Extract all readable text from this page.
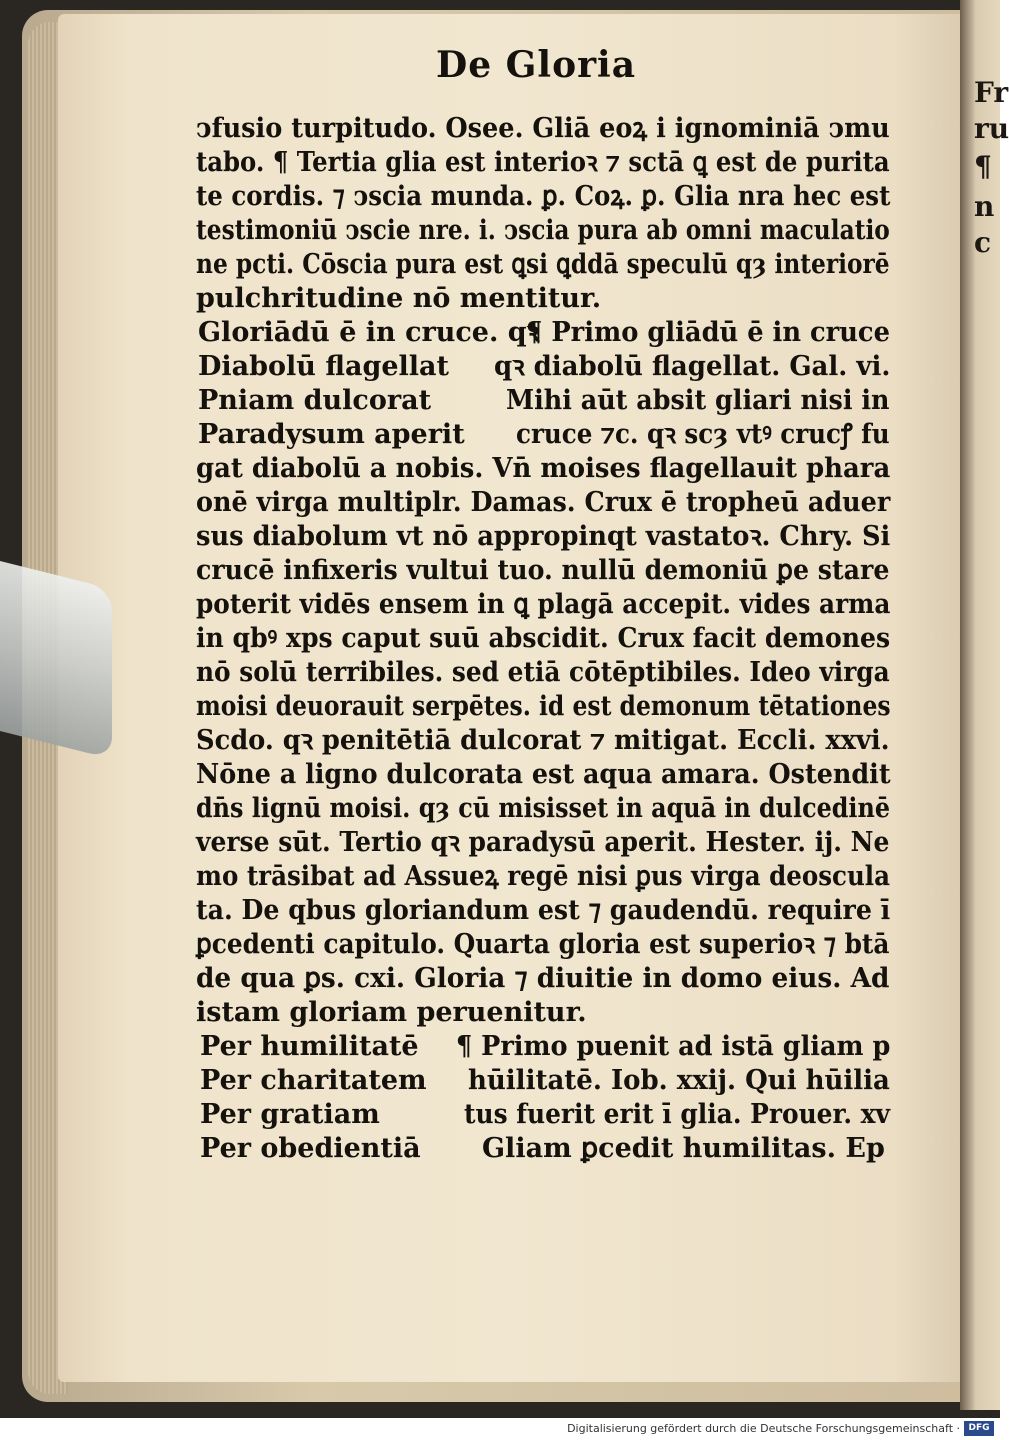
Fr
ru
¶
n
c
De Gloria
ↄfusio turpitudo. Osee. Gliā eoꝝ i ignominiā ↄmu
tabo. ¶ Tertia glia est interioꝛ ⁊ sctā ꝗ est de purita
te cordis. ⁊ ↄscia munda. ꝑ. Coꝝ. ꝑ. Glia nra hec est
testimoniū ↄscie nre. i. ↄscia pura ab omni maculatio
ne pcti. Cōscia pura est ꝗsi ꝗddā speculū qȝ interiorē
pulchritudine nō mentitur.
Gloriādū ē in cruce. qꝛ
Diabolū flagellat
Pniam dulcorat
Paradysum aperit
¶ Primo gliādū ē in cruce
qꝛ diabolū flagellat. Gal. vi.
Mihi aūt absit gliari nisi in
cruce ⁊c. qꝛ scȝ vtꝰ crucꝭ fu
gat diabolū a nobis. Vn̄ moises flagellauit phara
onē virga multiplr. Damas. Crux ē tropheū aduer
sus diabolum vt nō appropinqt vastatoꝛ. Chry. Si
crucē infixeris vultui tuo. nullū demoniū ꝑe stare
poterit vidēs ensem in ꝗ plagā accepit. vides arma
in qbꝰ xps caput suū abscidit. Crux facit demones
nō solū terribiles. sed etiā cōtēptibiles. Ideo virga
moisi deuorauit serpētes. id est demonum tētationes
Scdo. qꝛ penitētiā dulcorat ⁊ mitigat. Eccli. xxvi.
Nōne a ligno dulcorata est aqua amara. Ostendit
dn̄s lignū moisi. qȝ cū misisset in aquā in dulcedinē
verse sūt. Tertio qꝛ paradysū aperit. Hester. ij. Ne
mo trāsibat ad Assueꝝ regē nisi ꝑus virga deoscula
ta. De qbus gloriandum est ⁊ gaudendū. require ī
ꝑcedenti capitulo. Quarta gloria est superioꝛ ⁊ btā
de qua ꝑs. cxi. Gloria ⁊ diuitie in domo eius. Ad
istam gloriam peruenitur.
Per humilitatē
Per charitatem
Per gratiam
Per obedientiā
¶ Primo puenit ad istā gliam p
hūilitatē. Iob. xxij. Qui hūilia
tus fuerit erit ī glia. Prouer. xv
Gliam ꝑcedit humilitas. Ep
Digitalisierung gefördert durch die Deutsche Forschungsgemeinschaft · DFG
